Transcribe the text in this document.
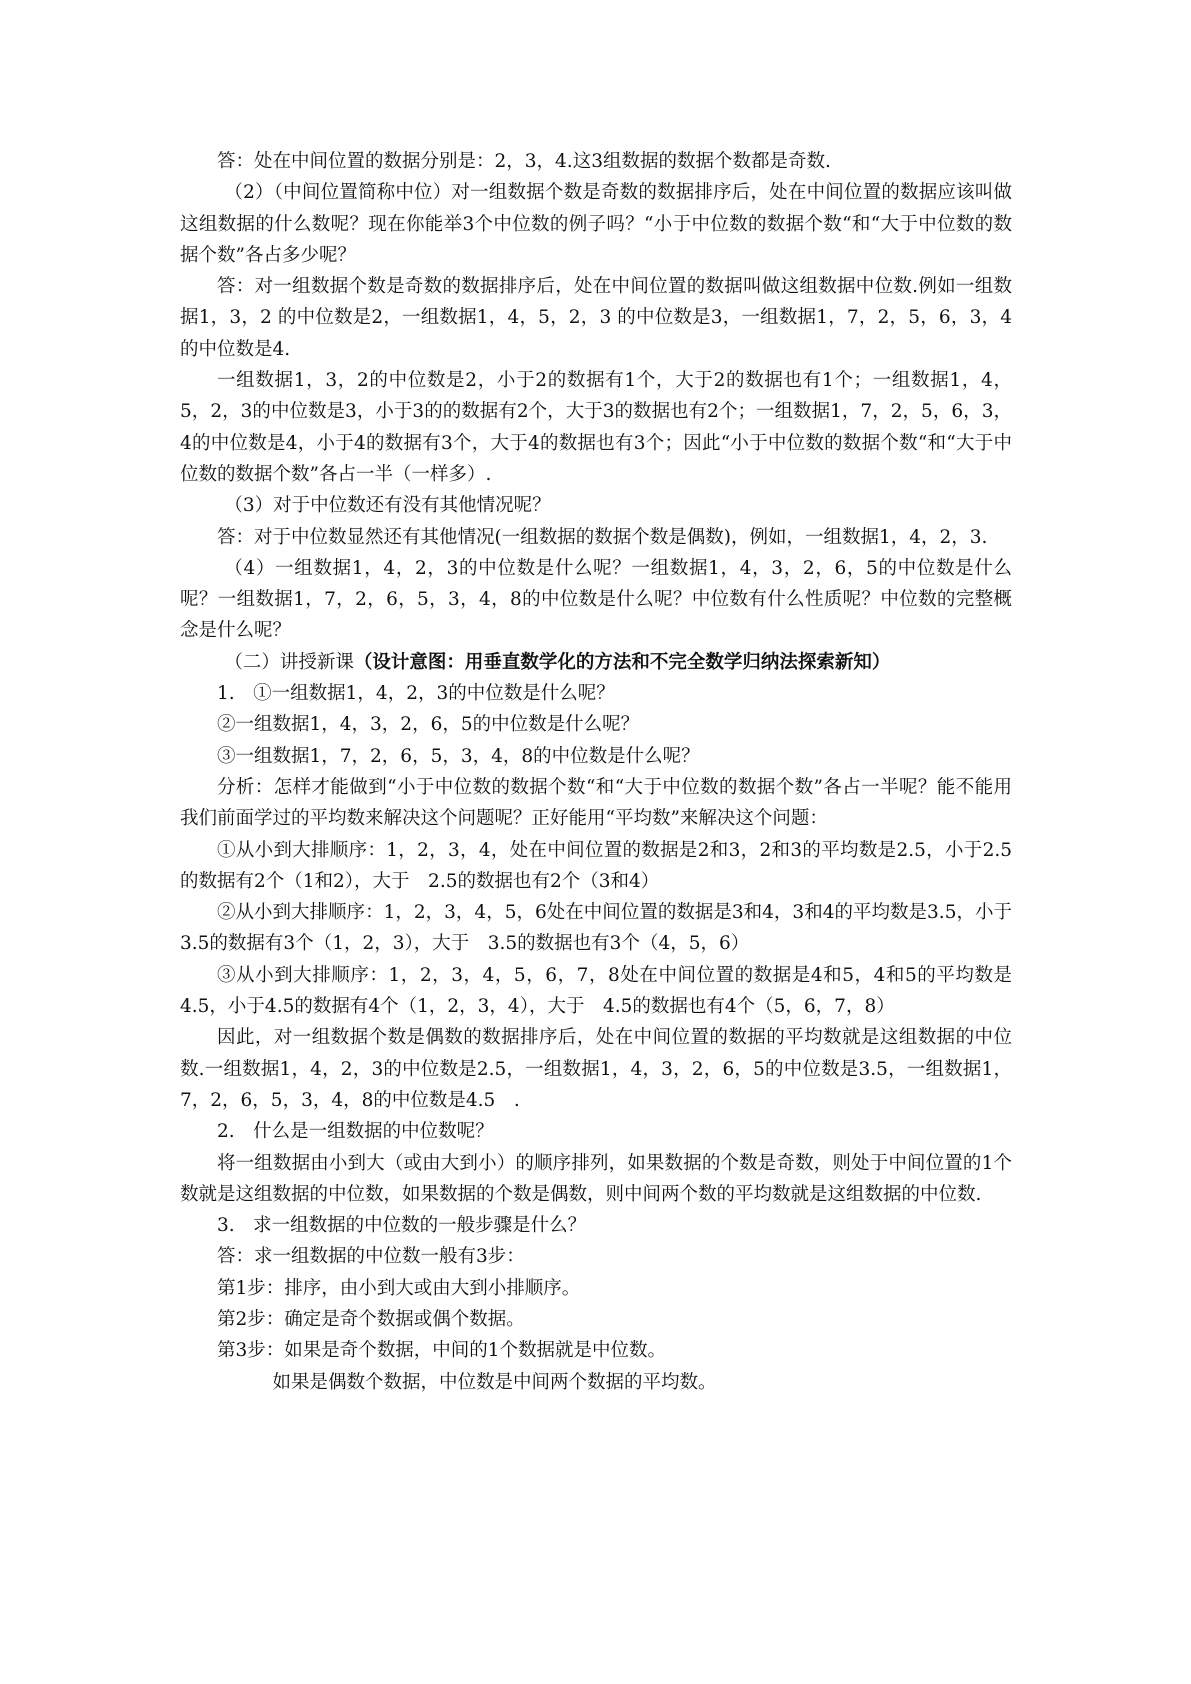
答：处在中间位置的数据分别是：2，3，4.这3组数据的数据个数都是奇数.

（2）（中间位置简称中位）对一组数据个数是奇数的数据排序后，处在中间位置的数据应该叫做这组数据的什么数呢？现在你能举3个中位数的例子吗？“小于中位数的数据个数“和“大于中位数的数据个数”各占多少呢？

答：对一组数据个数是奇数的数据排序后，处在中间位置的数据叫做这组数据中位数.例如一组数据1，3，2 的中位数是2，一组数据1，4，5，2，3 的中位数是3，一组数据1，7，2，5，6，3，4的中位数是4.

一组数据1，3，2的中位数是2，小于2的数据有1个，大于2的数据也有1个；一组数据1，4，5，2，3的中位数是3，小于3的的数据有2个，大于3的数据也有2个；一组数据1，7，2，5，6，3，4的中位数是4，小于4的数据有3个，大于4的数据也有3个；因此“小于中位数的数据个数“和“大于中位数的数据个数”各占一半（一样多）.

（3）对于中位数还有没有其他情况呢？

答：对于中位数显然还有其他情况(一组数据的数据个数是偶数)，例如，一组数据1，4，2，3.

（4）一组数据1，4，2，3的中位数是什么呢？一组数据1，4，3，2，6，5的中位数是什么呢？一组数据1，7，2，6，5，3，4，8的中位数是什么呢？中位数有什么性质呢？中位数的完整概念是什么呢？

（二）讲授新课（设计意图：用垂直数学化的方法和不完全数学归纳法探索新知）

1.　①一组数据1，4，2，3的中位数是什么呢？

②一组数据1，4，3，2，6，5的中位数是什么呢？

③一组数据1，7，2，6，5，3，4，8的中位数是什么呢？

分析：怎样才能做到“小于中位数的数据个数“和“大于中位数的数据个数”各占一半呢？能不能用我们前面学过的平均数来解决这个问题呢？正好能用“平均数”来解决这个问题：

①从小到大排顺序：1，2，3，4，处在中间位置的数据是2和3，2和3的平均数是2.5，小于2.5的数据有2个（1和2），大于　2.5的数据也有2个（3和4）

②从小到大排顺序：1，2，3，4，5，6处在中间位置的数据是3和4，3和4的平均数是3.5，小于3.5的数据有3个（1，2，3），大于　3.5的数据也有3个（4，5，6）

③从小到大排顺序：1，2，3，4，5，6，7，8处在中间位置的数据是4和5，4和5的平均数是4.5，小于4.5的数据有4个（1，2，3，4），大于　4.5的数据也有4个（5，6，7，8）

因此，对一组数据个数是偶数的数据排序后，处在中间位置的数据的平均数就是这组数据的中位数.一组数据1，4，2，3的中位数是2.5，一组数据1，4，3，2，6，5的中位数是3.5，一组数据1，7，2，6，5，3，4，8的中位数是4.5　.

2.　什么是一组数据的中位数呢？

将一组数据由小到大（或由大到小）的顺序排列，如果数据的个数是奇数，则处于中间位置的1个数就是这组数据的中位数，如果数据的个数是偶数，则中间两个数的平均数就是这组数据的中位数.

3.　求一组数据的中位数的一般步骤是什么？

答：求一组数据的中位数一般有3步：

第1步：排序，由小到大或由大到小排顺序。

第2步：确定是奇个数据或偶个数据。

第3步：如果是奇个数据，中间的1个数据就是中位数。

如果是偶数个数据，中位数是中间两个数据的平均数。
